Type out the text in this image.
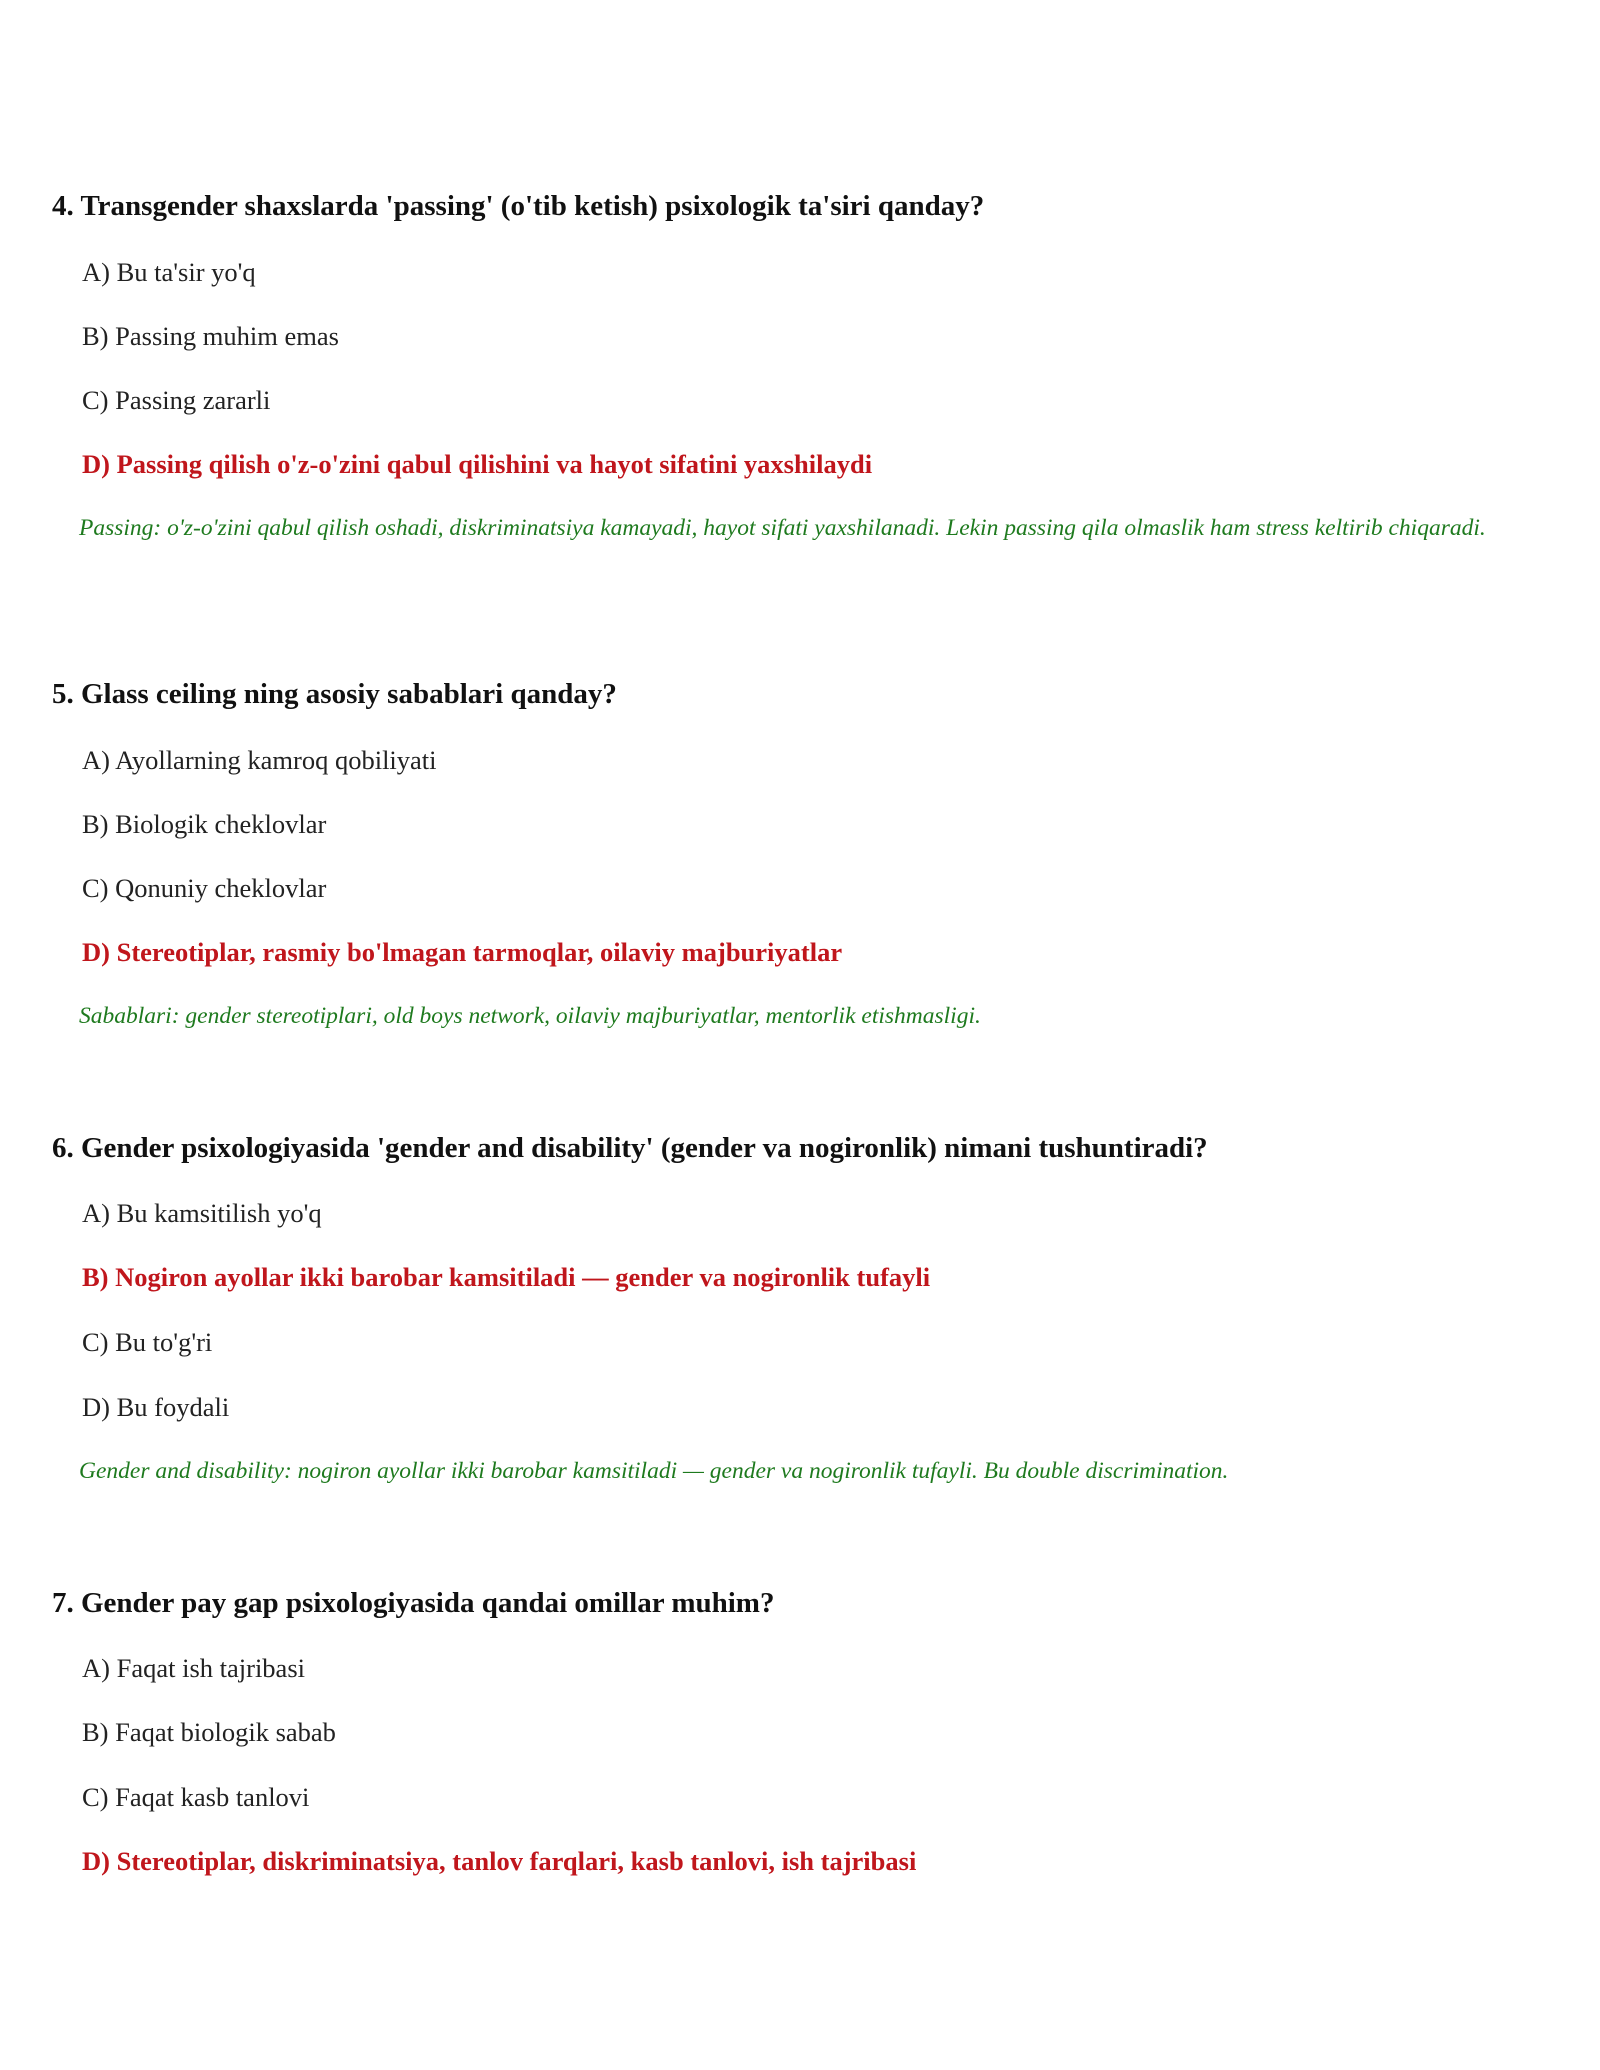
4. Transgender shaxslarda 'passing' (o'tib ketish) psixologik ta'siri qanday?

A) Bu ta'sir yo'q
B) Passing muhim emas
C) Passing zararli
D) Passing qilish o'z-o'zini qabul qilishini va hayot sifatini yaxshilaydi
Passing: o'z-o'zini qabul qilish oshadi, diskriminatsiya kamayadi, hayot sifati yaxshilanadi. Lekin passing qila olmaslik ham stress keltirib chiqaradi.

5. Glass ceiling ning asosiy sabablari qanday?

A) Ayollarning kamroq qobiliyati
B) Biologik cheklovlar
C) Qonuniy cheklovlar
D) Stereotiplar, rasmiy bo'lmagan tarmoqlar, oilaviy majburiyatlar
Sabablari: gender stereotiplari, old boys network, oilaviy majburiyatlar, mentorlik etishmasligi.

6. Gender psixologiyasida 'gender and disability' (gender va nogironlik) nimani tushuntiradi?

A) Bu kamsitilish yo'q
B) Nogiron ayollar ikki barobar kamsitiladi — gender va nogironlik tufayli
C) Bu to'g'ri
D) Bu foydali
Gender and disability: nogiron ayollar ikki barobar kamsitiladi — gender va nogironlik tufayli. Bu double discrimination.

7. Gender pay gap psixologiyasida qandai omillar muhim?

A) Faqat ish tajribasi
B) Faqat biologik sabab
C) Faqat kasb tanlovi
D) Stereotiplar, diskriminatsiya, tanlov farqlari, kasb tanlovi, ish tajribasi
